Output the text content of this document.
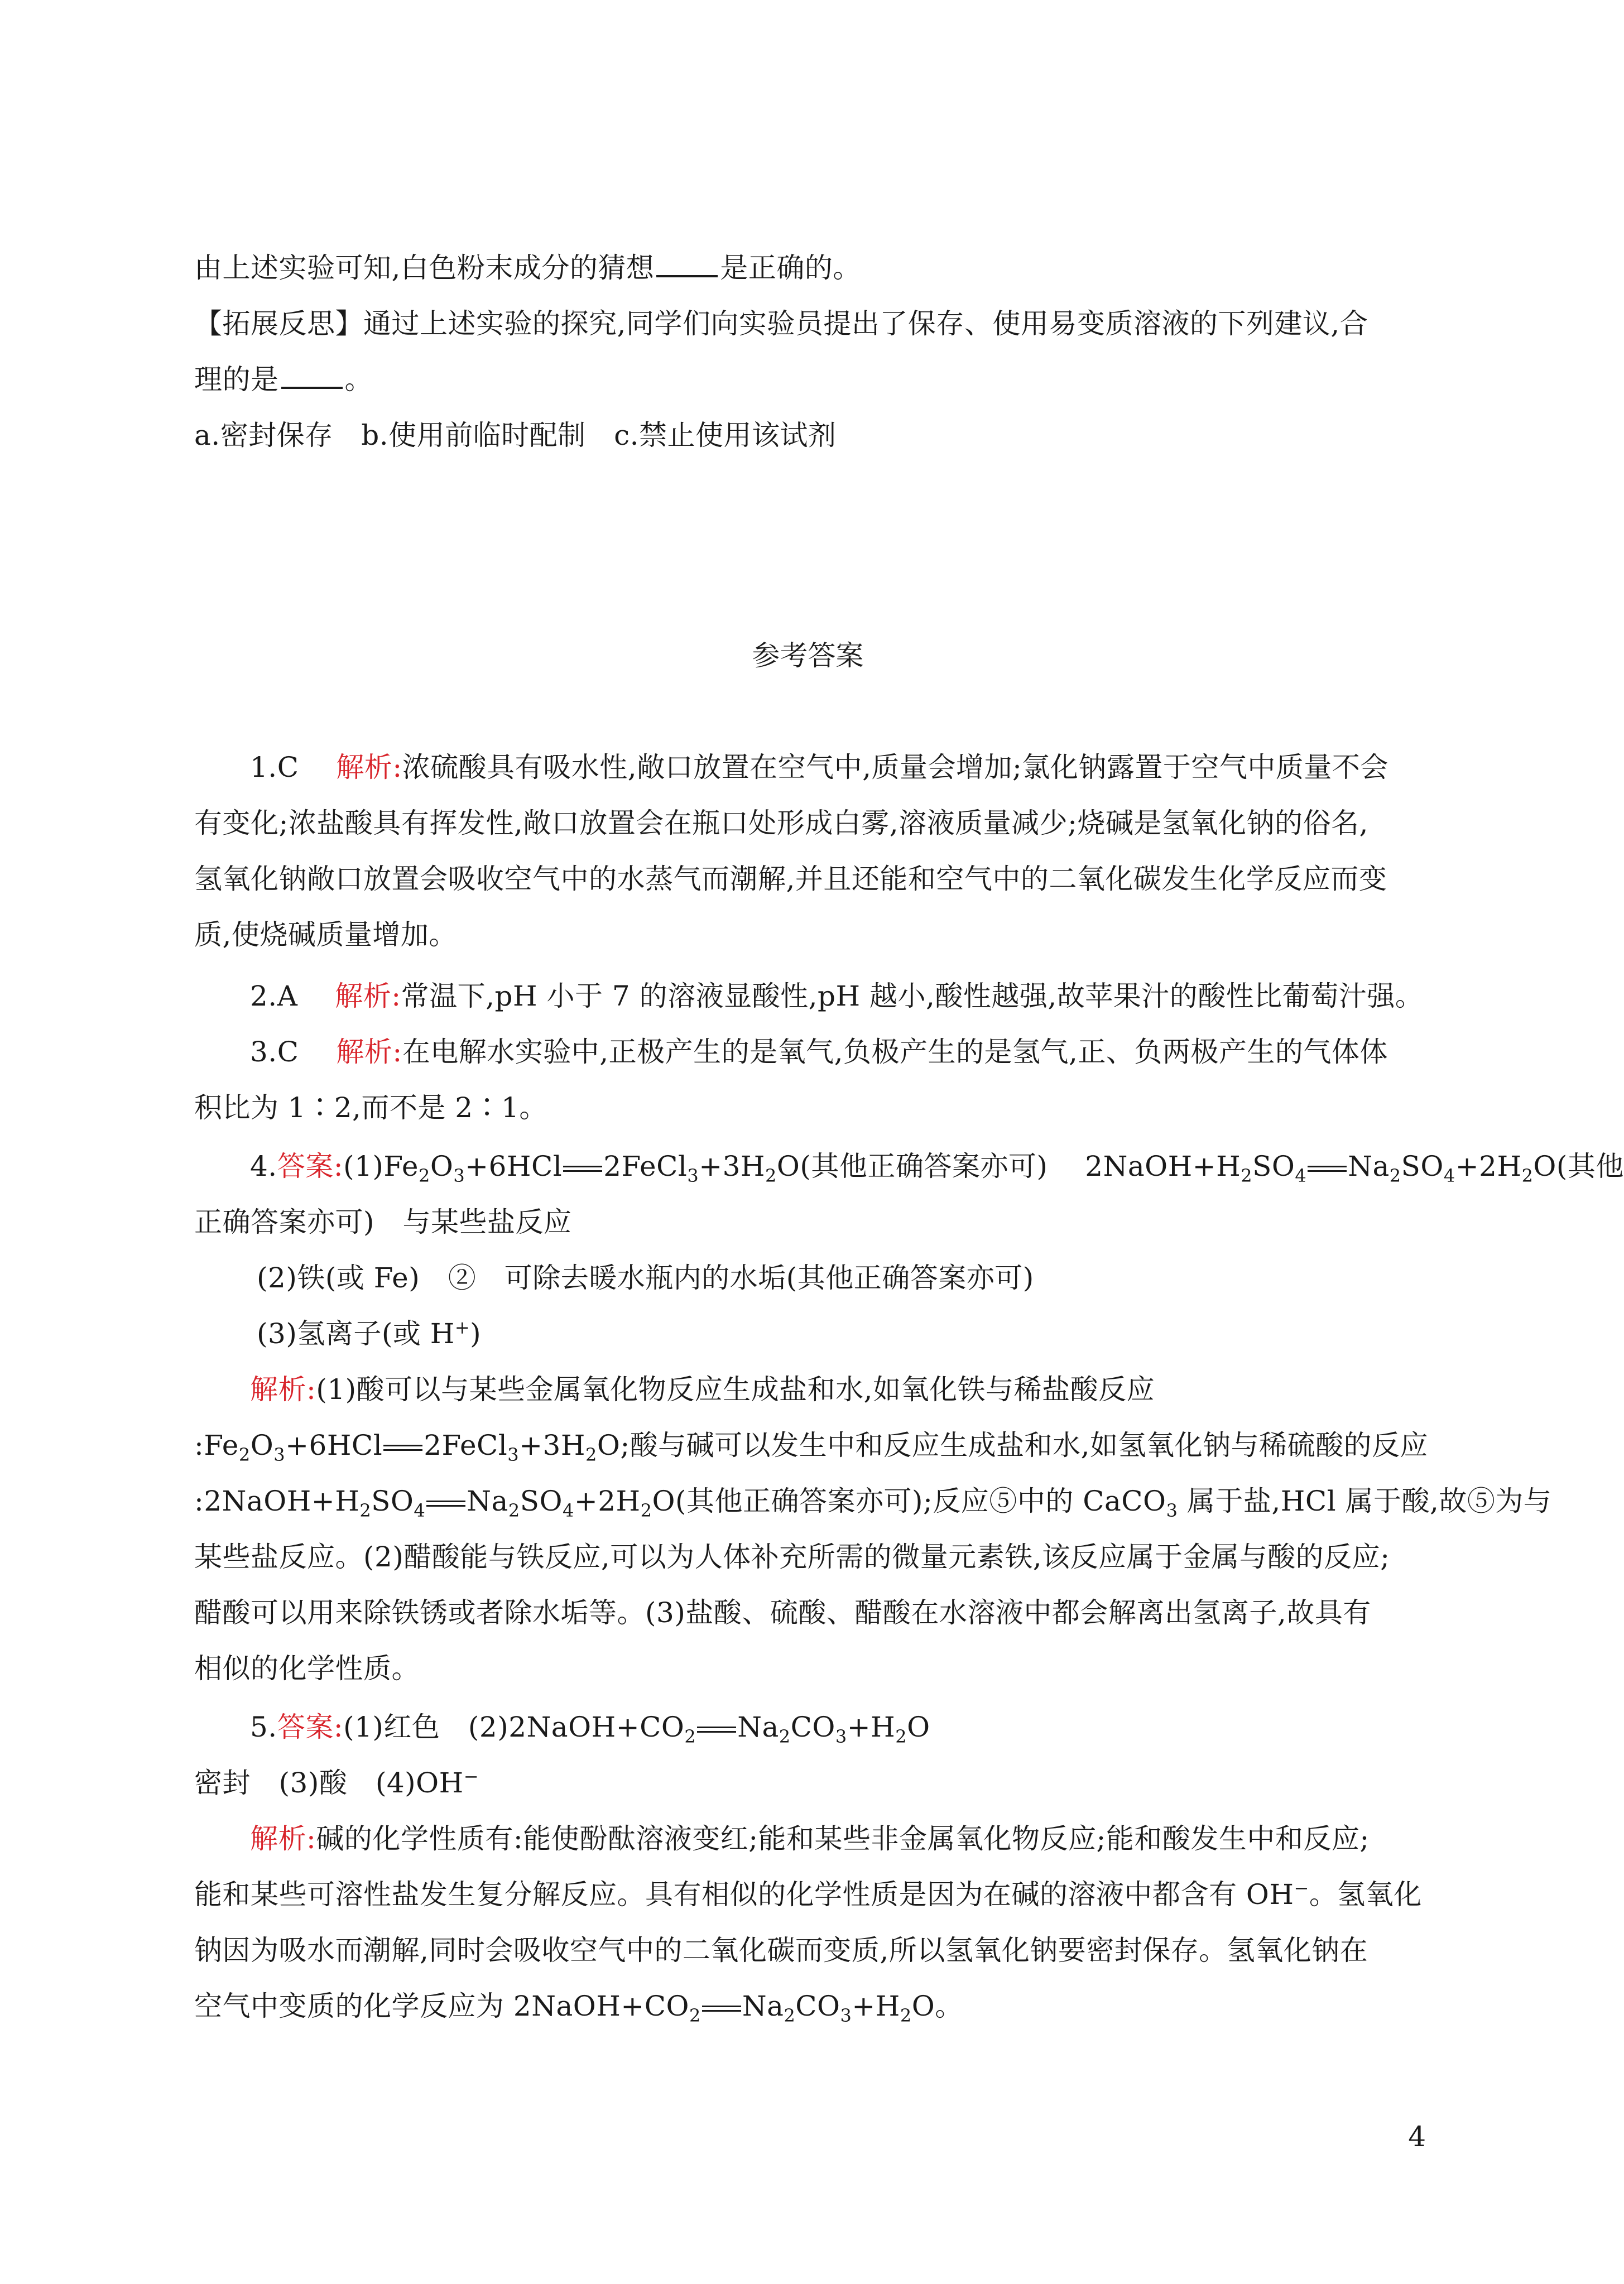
由上述实验可知,白色粉末成分的猜想 是正确的。
【拓展反思】通过上述实验的探究,同学们向实验员提出了保存、使用易变质溶液的下列建议,合
理的是 。
a.密封保存　b.使用前临时配制　c.禁止使用该试剂
参考答案
1.C　 解析:浓硫酸具有吸水性,敞口放置在空气中,质量会增加;氯化钠露置于空气中质量不会
有变化;浓盐酸具有挥发性,敞口放置会在瓶口处形成白雾,溶液质量减少;烧碱是氢氧化钠的俗名,
氢氧化钠敞口放置会吸收空气中的水蒸气而潮解,并且还能和空气中的二氧化碳发生化学反应而变
质,使烧碱质量增加。
2.A　 解析:常温下,pH 小于 7 的溶液显酸性,pH 越小,酸性越强,故苹果汁的酸性比葡萄汁强。
3.C　 解析:在电解水实验中,正极产生的是氧气,负极产生的是氢气,正、负两极产生的气体体
积比为 1∶2,而不是 2∶1。
4.答案$:(1)Fe_2O_3+6HCl$ $2FeCl_3+3H_2O$(其他正确答案亦可)　 $2NaOH+H_2SO_4$ $Na_2SO_4+2H_2O$(其他
正确答案亦可)　与某些盐反应
(2)铁(或 Fe)　②　可除去暖水瓶内的水垢(其他正确答案亦可)
(3)氢离子(或 H+)
解析:(1)酸可以与某些金属氧化物反应生成盐和水,如氧化铁与稀盐酸反应
$:Fe_2O_3+6HCl$ $2FeCl_3+3H_2O$;酸与碱可以发生中和反应生成盐和水,如氢氧化钠与稀硫酸的反应
$:2NaOH+H_2SO_4$ $Na_2SO_4+2H_2O$(其他正确答案亦可);反应⑤中的 CaCO$_3$ 属于盐,HCl 属于酸,故⑤为与
某些盐反应。(2)醋酸能与铁反应,可以为人体补充所需的微量元素铁,该反应属于金属与酸的反应;
醋酸可以用来除铁锈或者除水垢等。(3)盐酸、硫酸、醋酸在水溶液中都会解离出氢离子,故具有
相似的化学性质。
5.答案:(1)红色　$(2)2NaOH+CO_2$ $Na_2CO_3+H_2O$
密封　(3)酸　(4)OH−
解析:碱的化学性质有:能使酚酞溶液变红;能和某些非金属氧化物反应;能和酸发生中和反应;
能和某些可溶性盐发生复分解反应。具有相似的化学性质是因为在碱的溶液中都含有 OH−。氢氧化
钠因为吸水而潮解,同时会吸收空气中的二氧化碳而变质,所以氢氧化钠要密封保存。氢氧化钠在
空气中变质的化学反应为 $2NaOH+CO_2$ $Na_2CO_3+H_2O$。
4
